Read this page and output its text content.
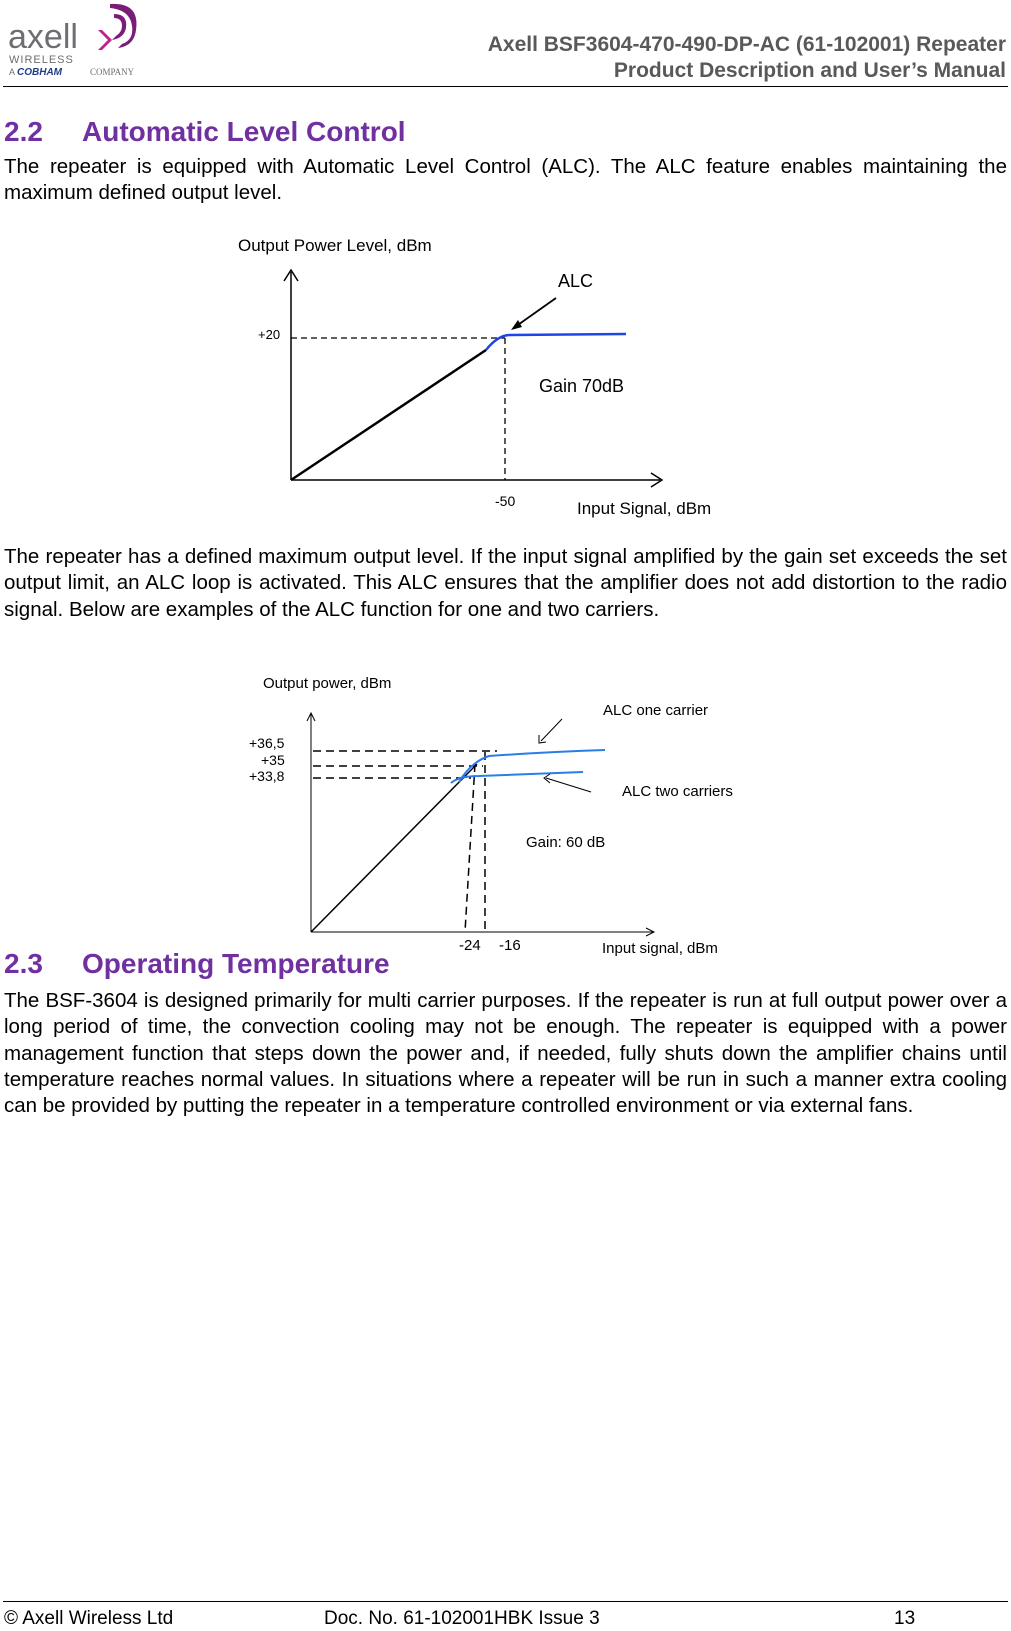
axell
WIRELESS
A COBHAM	COMPANY
Axell BSF3604-470-490-DP-AC (61-102001) Repeater
Product Description and User’s Manual
2.2 Automatic Level Control

The repeater is equipped with Automatic Level Control (ALC). The ALC feature enables maintaining the maximum defined output level.

Output Power Level, dBm
Input Signal, dBm
+20
-50
ALC
Gain 70dB

The repeater has a defined maximum output level. If the input signal amplified by the gain set exceeds the set output limit, an ALC loop is activated. This ALC ensures that the amplifier does not add distortion to the radio signal. Below are examples of the ALC function for one and two carriers.

Output power, dBm
Input signal, dBm
+36,5
+35
+33,8
-24 -16
ALC one carrier
ALC two carriers
Gain: 60 dB
2.3 Operating Temperature

The BSF-3604 is designed primarily for multi carrier purposes. If the repeater is run at full output power over a long period of time, the convection cooling may not be enough. The repeater is equipped with a power management function that steps down the power and, if needed, fully shuts down the amplifier chains until temperature reaches normal values. In situations where a repeater will be run in such a manner extra cooling can be provided by putting the repeater in a temperature controlled environment or via external fans.

© Axell Wireless Ltd	Doc. No. 61-102001HBK Issue 3	13
